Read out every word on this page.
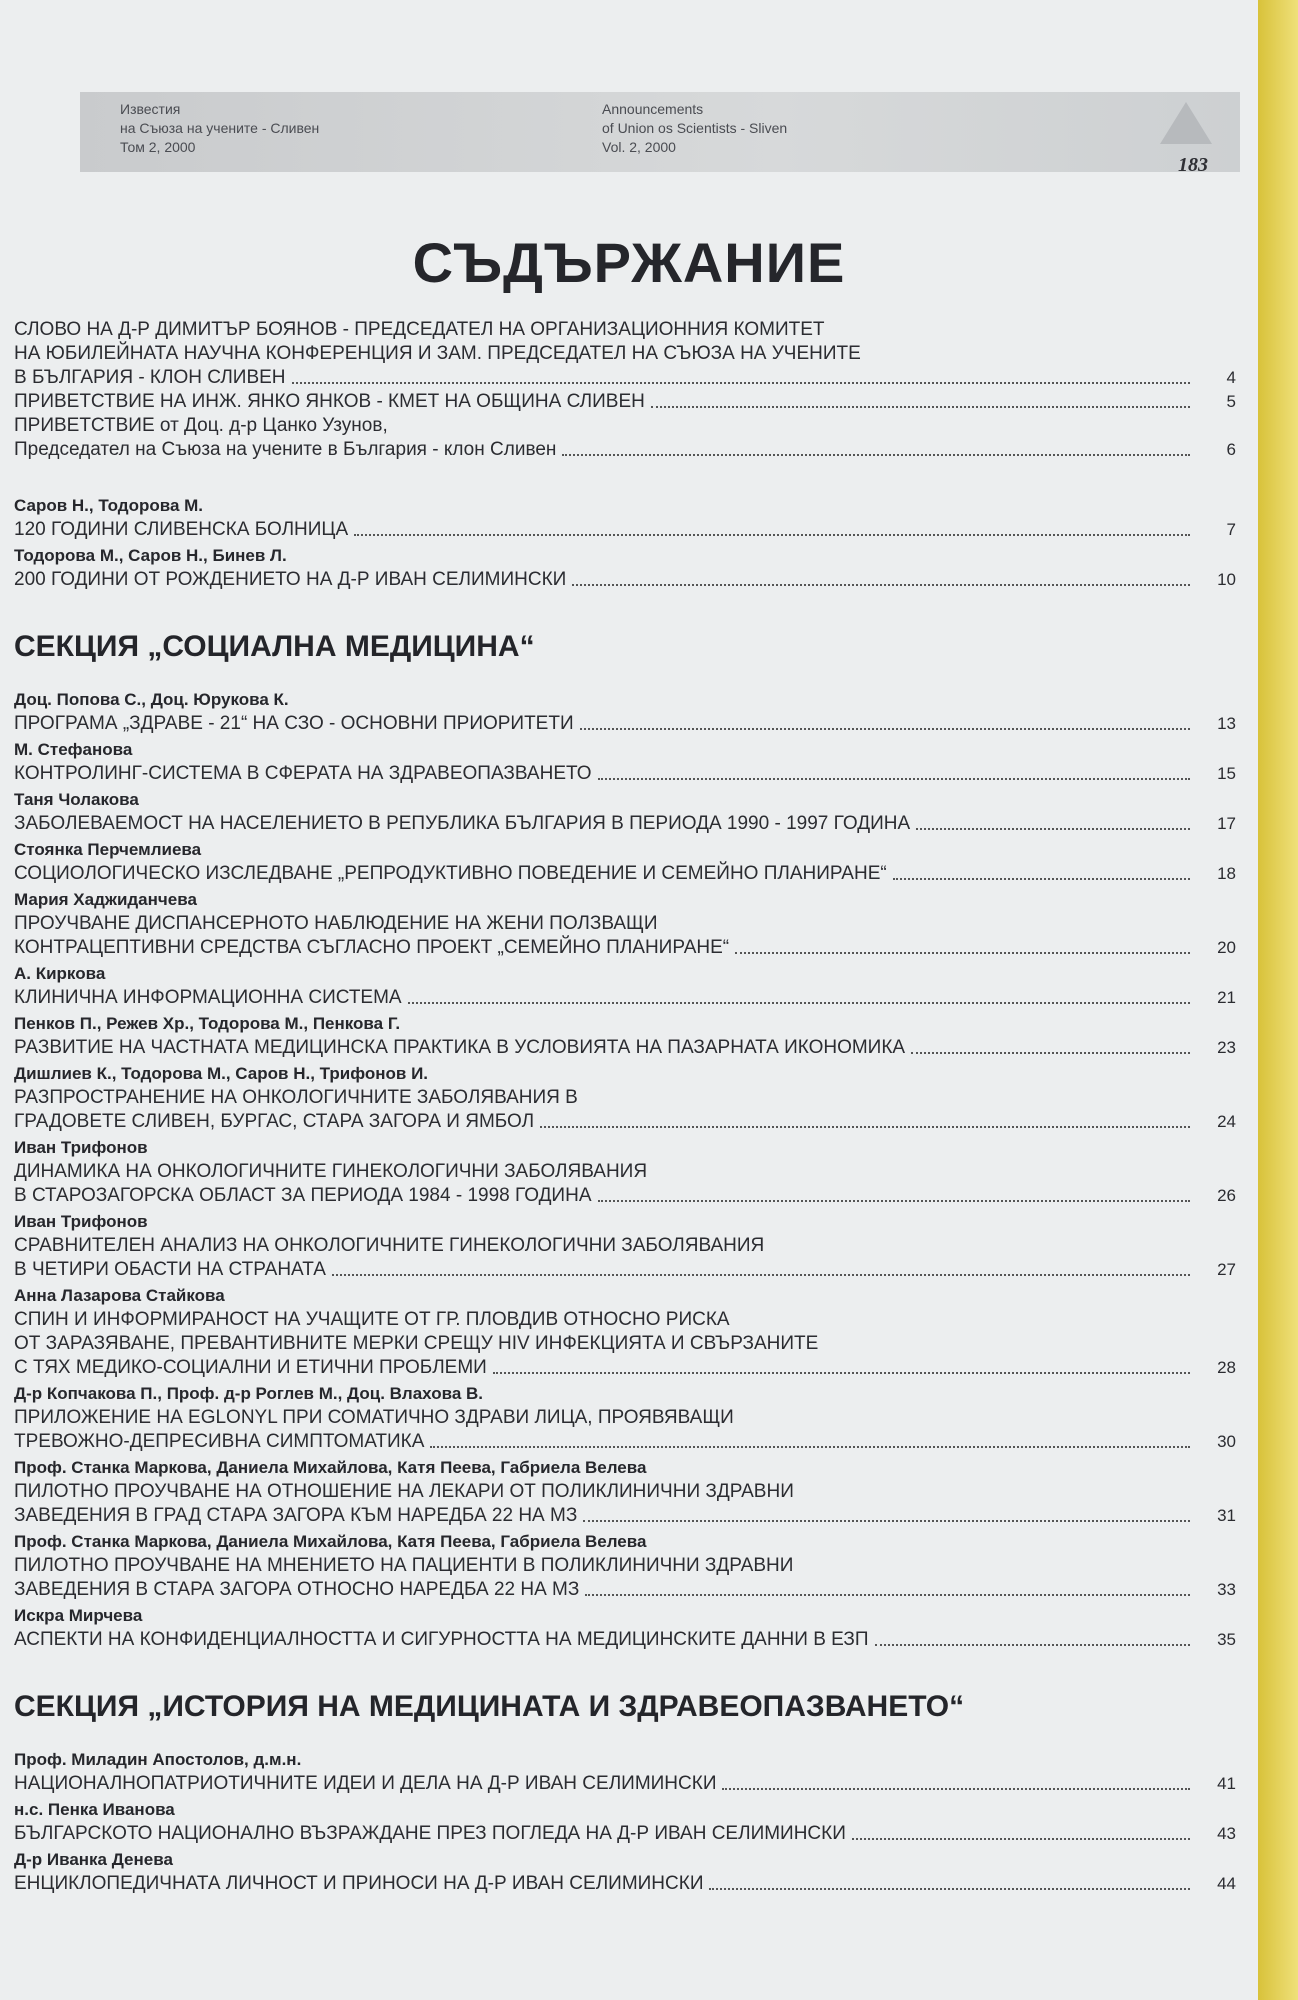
Известия
на Съюза на учените - Сливен
Том 2, 2000
Announcements
of Union os Scientists - Sliven
Vol. 2, 2000
183
СЪДЪРЖАНИЕ
СЛОВО НА Д-Р ДИМИТЪР БОЯНОВ - ПРЕДСЕДАТЕЛ НА ОРГАНИЗАЦИОННИЯ КОМИТЕТ
НА ЮБИЛЕЙНАТА НАУЧНА КОНФЕРЕНЦИЯ И ЗАМ. ПРЕДСЕДАТЕЛ НА СЪЮЗА НА УЧЕНИТЕ
В БЪЛГАРИЯ - КЛОН СЛИВЕН	4
ПРИВЕТСТВИЕ НА ИНЖ. ЯНКО ЯНКОВ - КМЕТ НА ОБЩИНА СЛИВЕН	5
ПРИВЕТСТВИЕ от Доц. д-р Цанко Узунов,
Председател на Съюза на учените в България - клон Сливен	6
Саров Н., Тодорова М.
120 ГОДИНИ СЛИВЕНСКА БОЛНИЦА	7
Тодорова М., Саров Н., Бинев Л.
200 ГОДИНИ ОТ РОЖДЕНИЕТО НА Д-Р ИВАН СЕЛИМИНСКИ	10
СЕКЦИЯ „СОЦИАЛНА МЕДИЦИНА“
Доц. Попова С., Доц. Юрукова К.
ПРОГРАМА „ЗДРАВЕ - 21“ НА СЗО - ОСНОВНИ ПРИОРИТЕТИ	13
М. Стефанова
КОНТРОЛИНГ-СИСТЕМА В СФЕРАТА НА ЗДРАВЕОПАЗВАНЕТО	15
Таня Чолакова
ЗАБОЛЕВАЕМОСТ НА НАСЕЛЕНИЕТО В РЕПУБЛИКА БЪЛГАРИЯ В ПЕРИОДА 1990 - 1997 ГОДИНА	17
Стоянка Перчемлиева
СОЦИОЛОГИЧЕСКО ИЗСЛЕДВАНЕ „РЕПРОДУКТИВНО ПОВЕДЕНИЕ И СЕМЕЙНО ПЛАНИРАНЕ“	18
Мария Хаджиданчева
ПРОУЧВАНЕ ДИСПАНСЕРНОТО НАБЛЮДЕНИЕ НА ЖЕНИ ПОЛЗВАЩИ
КОНТРАЦЕПТИВНИ СРЕДСТВА СЪГЛАСНО ПРОЕКТ „СЕМЕЙНО ПЛАНИРАНЕ“	20
А. Киркова
КЛИНИЧНА ИНФОРМАЦИОННА СИСТЕМА	21
Пенков П., Режев Хр., Тодорова М., Пенкова Г.
РАЗВИТИЕ НА ЧАСТНАТА МЕДИЦИНСКА ПРАКТИКА В УСЛОВИЯТА НА ПАЗАРНАТА ИКОНОМИКА	23
Дишлиев К., Тодорова М., Саров Н., Трифонов И.
РАЗПРОСТРАНЕНИЕ НА ОНКОЛОГИЧНИТЕ ЗАБОЛЯВАНИЯ В
ГРАДОВЕТЕ СЛИВЕН, БУРГАС, СТАРА ЗАГОРА И ЯМБОЛ	24
Иван Трифонов
ДИНАМИКА НА ОНКОЛОГИЧНИТЕ ГИНЕКОЛОГИЧНИ ЗАБОЛЯВАНИЯ
В СТАРОЗАГОРСКА ОБЛАСТ ЗА ПЕРИОДА 1984 - 1998 ГОДИНА	26
Иван Трифонов
СРАВНИТЕЛЕН АНАЛИЗ НА ОНКОЛОГИЧНИТЕ ГИНЕКОЛОГИЧНИ ЗАБОЛЯВАНИЯ
В ЧЕТИРИ ОБАСТИ НА СТРАНАТА	27
Анна Лазарова Стайкова
СПИН И ИНФОРМИРАНОСТ НА УЧАЩИТЕ ОТ ГР. ПЛОВДИВ ОТНОСНО РИСКА
ОТ ЗАРАЗЯВАНЕ, ПРЕВАНТИВНИТЕ МЕРКИ СРЕЩУ HIV ИНФЕКЦИЯТА И СВЪРЗАНИТЕ
С ТЯХ МЕДИКО-СОЦИАЛНИ И ЕТИЧНИ ПРОБЛЕМИ	28
Д-р Копчакова П., Проф. д-р Роглев М., Доц. Влахова В.
ПРИЛОЖЕНИЕ НА EGLONYL ПРИ СОМАТИЧНО ЗДРАВИ ЛИЦА, ПРОЯВЯВАЩИ
ТРЕВОЖНО-ДЕПРЕСИВНА СИМПТОМАТИКА	30
Проф. Станка Маркова, Даниела Михайлова, Катя Пеева, Габриела Велева
ПИЛОТНО ПРОУЧВАНЕ НА ОТНОШЕНИЕ НА ЛЕКАРИ ОТ ПОЛИКЛИНИЧНИ ЗДРАВНИ
ЗАВЕДЕНИЯ В ГРАД СТАРА ЗАГОРА КЪМ НАРЕДБА 22 НА МЗ	31
Проф. Станка Маркова, Даниела Михайлова, Катя Пеева, Габриела Велева
ПИЛОТНО ПРОУЧВАНЕ НА МНЕНИЕТО НА ПАЦИЕНТИ В ПОЛИКЛИНИЧНИ ЗДРАВНИ
ЗАВЕДЕНИЯ В СТАРА ЗАГОРА ОТНОСНО НАРЕДБА 22 НА МЗ	33
Искра Мирчева
АСПЕКТИ НА КОНФИДЕНЦИАЛНОСТТА И СИГУРНОСТТА НА МЕДИЦИНСКИТЕ ДАННИ В ЕЗП	35
СЕКЦИЯ „ИСТОРИЯ НА МЕДИЦИНАТА И ЗДРАВЕОПАЗВАНЕТО“
Проф. Миладин Апостолов, д.м.н.
НАЦИОНАЛНОПАТРИОТИЧНИТЕ ИДЕИ И ДЕЛА НА Д-Р ИВАН СЕЛИМИНСКИ	41
н.с. Пенка Иванова
БЪЛГАРСКОТО НАЦИОНАЛНО ВЪЗРАЖДАНЕ ПРЕЗ ПОГЛЕДА НА Д-Р ИВАН СЕЛИМИНСКИ	43
Д-р Иванка Денева
ЕНЦИКЛОПЕДИЧНАТА ЛИЧНОСТ И ПРИНОСИ НА Д-Р ИВАН СЕЛИМИНСКИ	44
